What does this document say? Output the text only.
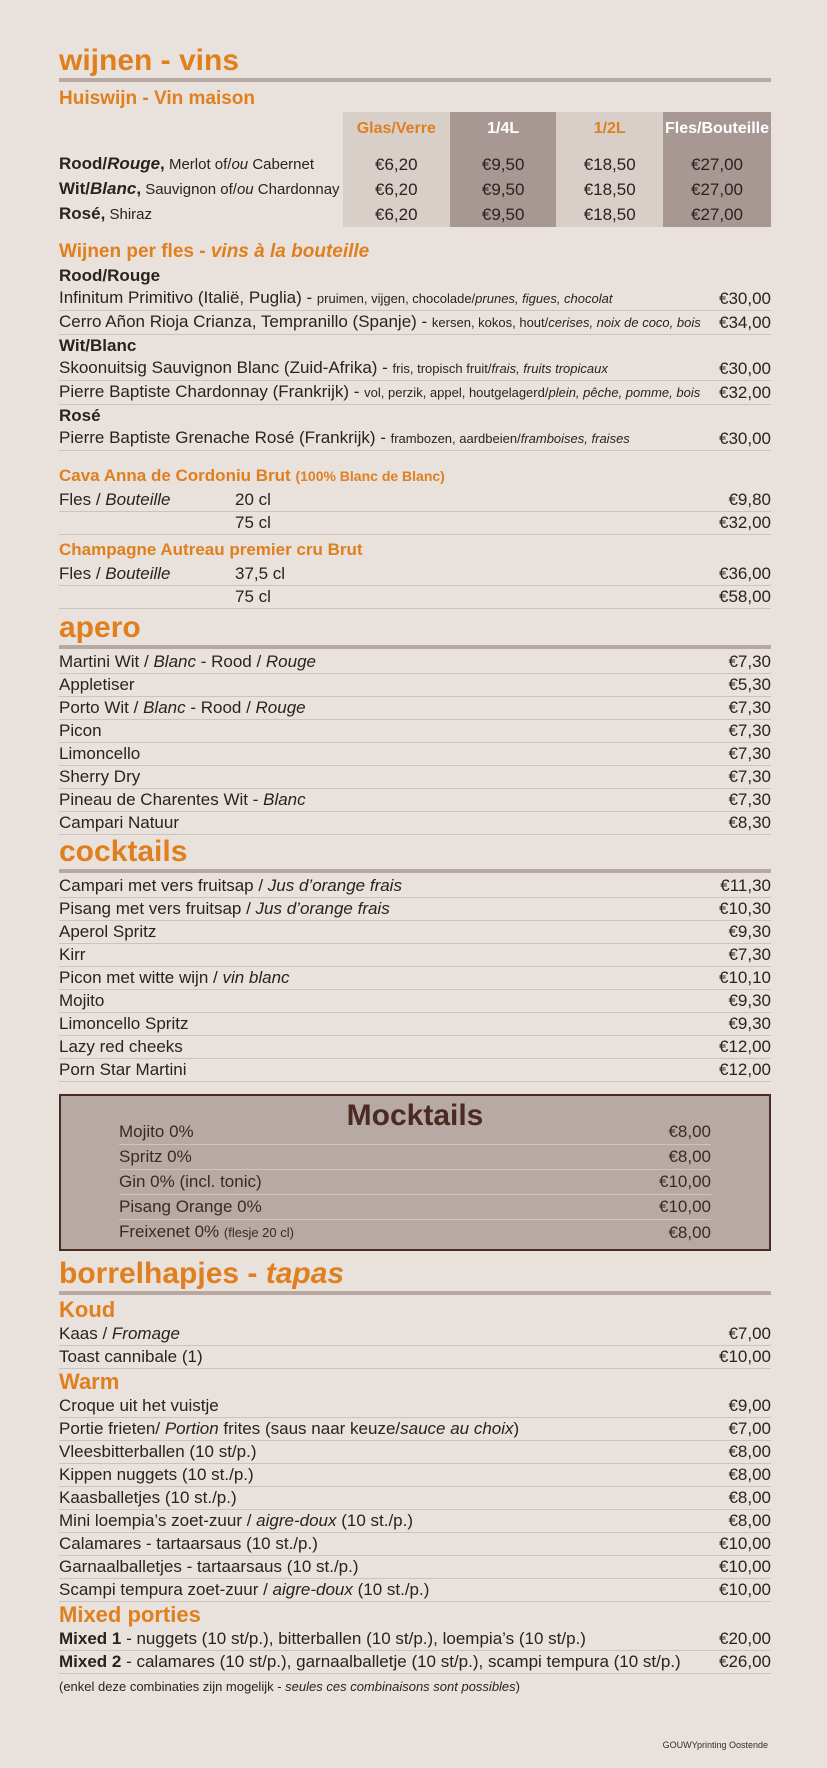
wijnen - vins
Huiswijn - Vin maison
	Glas/Verre	1/4L	1/2L	Fles/Bouteille

Rood/Rouge, Merlot of/ou Cabernet	€6,20	€9,50	€18,50	€27,00
Wit/Blanc, Sauvignon of/ou Chardonnay	€6,20	€9,50	€18,50	€27,00
Rosé, Shiraz	€6,20	€9,50	€18,50	€27,00
Wijnen per fles - vins à la bouteille
Rood/Rouge
Infinitum Primitivo (Italië, Puglia) - pruimen, vijgen, chocolade/prunes, figues, chocolat	€30,00
Cerro Añon Rioja Crianza, Tempranillo (Spanje) - kersen, kokos, hout/cerises, noix de coco, bois €34,00
Wit/Blanc
Skoonuitsig Sauvignon Blanc (Zuid-Afrika) - fris, tropisch fruit/frais, fruits tropicaux	€30,00
Pierre Baptiste Chardonnay (Frankrijk) - vol, perzik, appel, houtgelagerd/plein, pêche, pomme, bois €32,00
Rosé
Pierre Baptiste Grenache Rosé (Frankrijk) - frambozen, aardbeien/framboises, fraises	€30,00
Cava Anna de Cordoniu Brut (100% Blanc de Blanc)
Fles / Bouteille	20 cl	€9,80
75 cl	€32,00
Champagne Autreau premier cru Brut
Fles / Bouteille	37,5 cl	€36,00
75 cl	€58,00
apero
Martini Wit / Blanc - Rood / Rouge	€7,30
Appletiser	€5,30
Porto Wit / Blanc - Rood / Rouge	€7,30
Picon	€7,30
Limoncello	€7,30
Sherry Dry	€7,30
Pineau de Charentes Wit - Blanc	€7,30
Campari Natuur	€8,30
cocktails
Campari met vers fruitsap / Jus d’orange frais	€11,30
Pisang met vers fruitsap / Jus d’orange frais	€10,30
Aperol Spritz	€9,30
Kirr	€7,30
Picon met witte wijn / vin blanc	€10,10
Mojito	€9,30
Limoncello Spritz	€9,30
Lazy red cheeks	€12,00
Porn Star Martini	€12,00
Mocktails
Mojito 0%	€8,00
Spritz 0%	€8,00
Gin 0% (incl. tonic)	€10,00
Pisang Orange 0%	€10,00
Freixenet 0% (flesje 20 cl)	€8,00
borrelhapjes - tapas
Koud
Kaas / Fromage	€7,00
Toast cannibale (1)	€10,00
Warm
Croque uit het vuistje	€9,00
Portie frieten/ Portion frites (saus naar keuze/sauce au choix)	€7,00
Vleesbitterballen (10 st/p.)	€8,00
Kippen nuggets (10 st./p.)	€8,00
Kaasballetjes (10 st./p.)	€8,00
Mini loempia’s zoet-zuur / aigre-doux (10 st./p.)	€8,00
Calamares - tartaarsaus (10 st./p.)	€10,00
Garnaalballetjes - tartaarsaus (10 st./p.)	€10,00
Scampi tempura zoet-zuur / aigre-doux (10 st./p.)	€10,00
Mixed porties
Mixed 1 - nuggets (10 st/p.), bitterballen (10 st/p.), loempia’s (10 st/p.)	€20,00
Mixed 2 - calamares (10 st/p.), garnaalballetje (10 st/p.), scampi tempura (10 st/p.) €26,00
(enkel deze combinaties zijn mogelijk - seules ces combinaisons sont possibles)
GOUWYprinting Oostende
